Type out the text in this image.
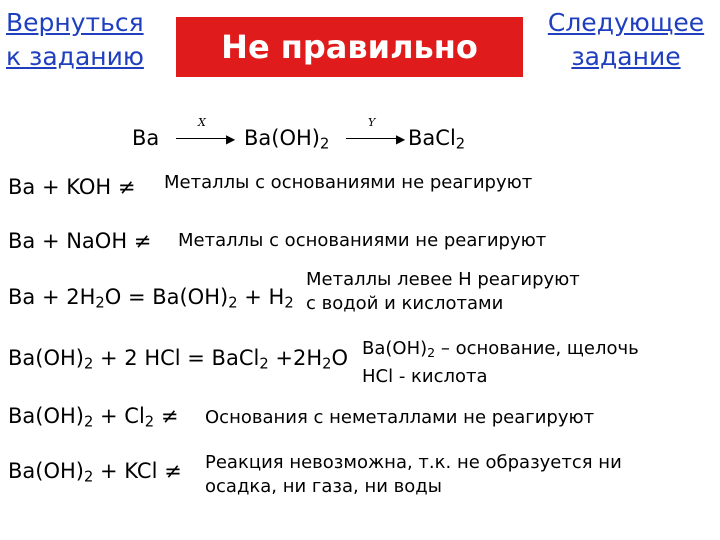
Вернуться
к заданию Не правильно
Следующее
задание
Ba
X
▶ $Ba(OH)_2$
Y
▶ BaCl$_2$
Ba + KOH ≠ Металлы с основаниями не реагируют
Ba + NaOH ≠ Металлы с основаниями не реагируют
$Ba + 2H_2O = Ba(OH)_2 + H_2$
Металлы левее Н реагируют
с водой и кислотами
$Ba(OH)_2 + 2$ HCl = BaCl$_2$ $+2H_2O$ $Ba(OH)_2$ – основание, щелочь
HCl - кислота
$Ba(OH)_2 + Cl_2$ ≠ Основания с неметаллами не реагируют
$Ba(OH)_2$ + KCl ≠ Реакция невозможна, т.к. не образуется ни
осадка, ни газа, ни воды
